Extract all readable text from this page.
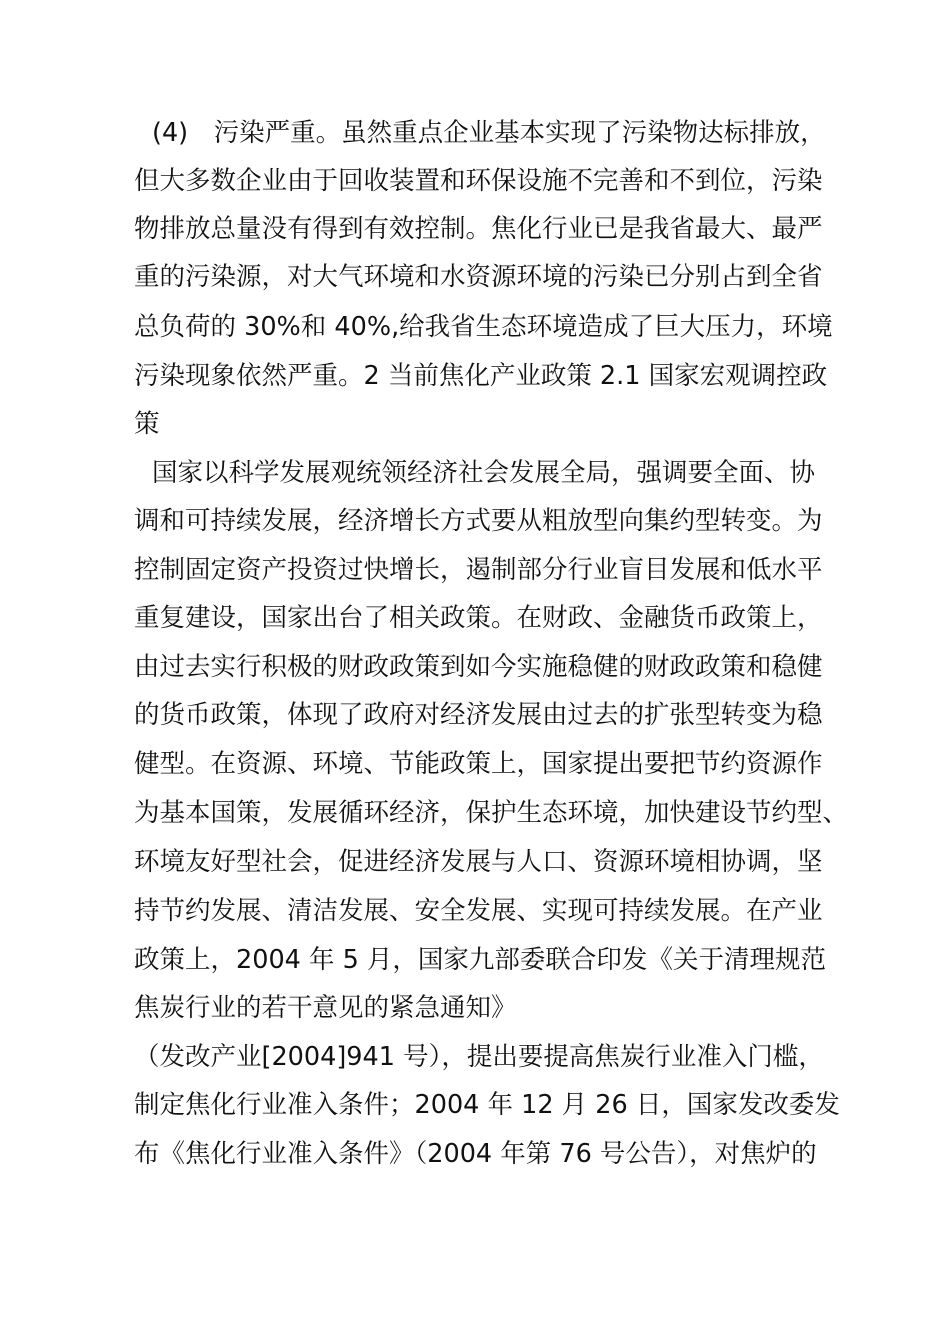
(4)　污染严重。虽然重点企业基本实现了污染物达标排放，
但大多数企业由于回收装置和环保设施不完善和不到位，污染
物排放总量没有得到有效控制。焦化行业已是我省最大、最严
重的污染源，对大气环境和水资源环境的污染已分别占到全省
总负荷的 30%和 40%,给我省生态环境造成了巨大压力，环境
污染现象依然严重。2 当前焦化产业政策 2.1 国家宏观调控政
策
国家以科学发展观统领经济社会发展全局，强调要全面、协
调和可持续发展，经济增长方式要从粗放型向集约型转变。为
控制固定资产投资过快增长，遏制部分行业盲目发展和低水平
重复建设，国家出台了相关政策。在财政、金融货币政策上，
由过去实行积极的财政政策到如今实施稳健的财政政策和稳健
的货币政策，体现了政府对经济发展由过去的扩张型转变为稳
健型。在资源、环境、节能政策上，国家提出要把节约资源作
为基本国策，发展循环经济，保护生态环境，加快建设节约型、
环境友好型社会，促进经济发展与人口、资源环境相协调，坚
持节约发展、清洁发展、安全发展、实现可持续发展。在产业
政策上，2004 年 5 月，国家九部委联合印发《关于清理规范
焦炭行业的若干意见的紧急通知》
（发改产业[2004]941 号），提出要提高焦炭行业准入门槛，
制定焦化行业准入条件；2004 年 12 月 26 日，国家发改委发
布《焦化行业准入条件》（2004 年第 76 号公告），对焦炉的
